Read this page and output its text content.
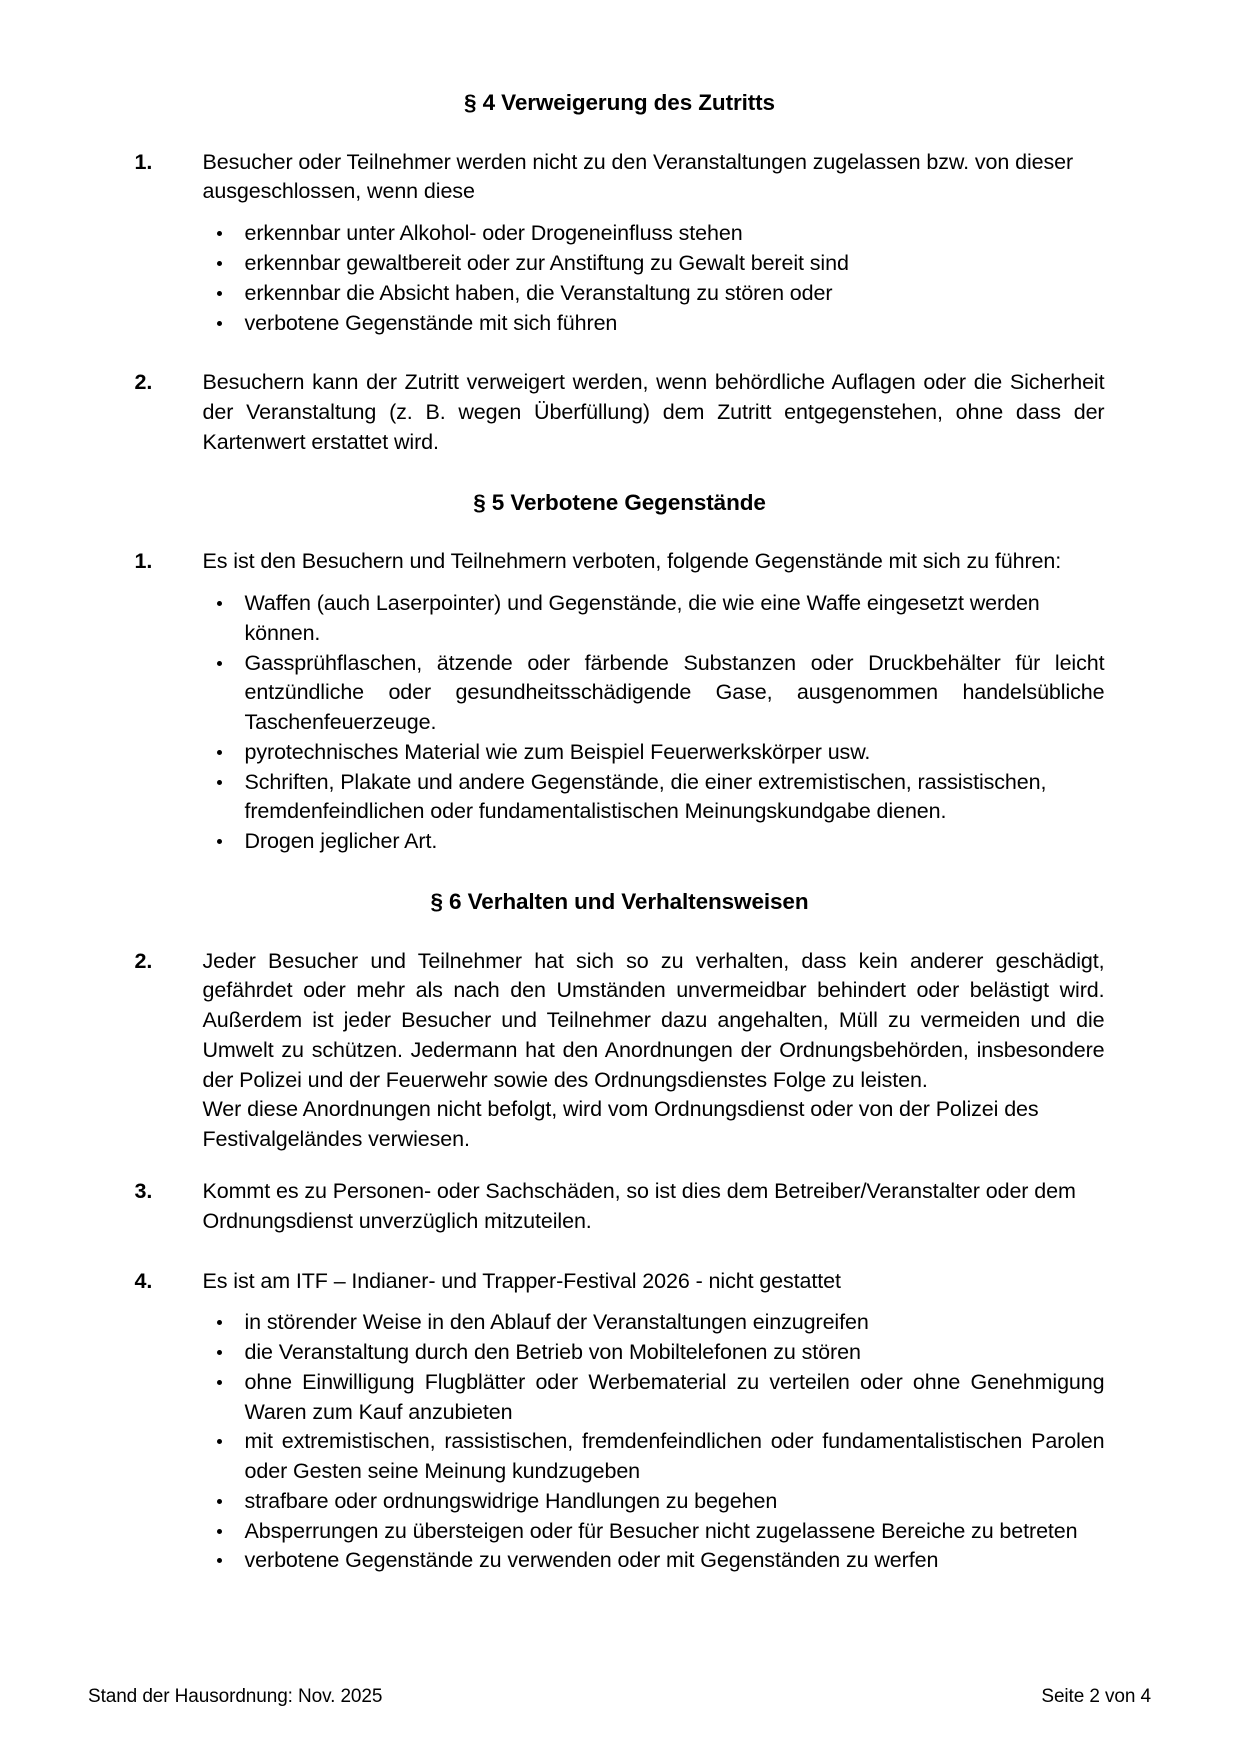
§ 4 Verweigerung des Zutritts
1.	Besucher oder Teilnehmer werden nicht zu den Veranstaltungen zugelassen bzw. von dieser ausgeschlossen, wenn diese
erkennbar unter Alkohol- oder Drogeneinfluss stehen
erkennbar gewaltbereit oder zur Anstiftung zu Gewalt bereit sind
erkennbar die Absicht haben, die Veranstaltung zu stören oder
verbotene Gegenstände mit sich führen
2.	Besuchern kann der Zutritt verweigert werden, wenn behördliche Auflagen oder die Sicherheit der Veranstaltung (z. B. wegen Überfüllung) dem Zutritt entgegenstehen, ohne dass der Kartenwert erstattet wird.
§ 5 Verbotene Gegenstände
1.	Es ist den Besuchern und Teilnehmern verboten, folgende Gegenstände mit sich zu führen:
Waffen (auch Laserpointer) und Gegenstände, die wie eine Waffe eingesetzt werden können.
Gassprühflaschen, ätzende oder färbende Substanzen oder Druckbehälter für leicht entzündliche oder gesundheitsschädigende Gase, ausgenommen handelsübliche Taschenfeuerzeuge.
pyrotechnisches Material wie zum Beispiel Feuerwerkskörper usw.
Schriften, Plakate und andere Gegenstände, die einer extremistischen, rassistischen, fremdenfeindlichen oder fundamentalistischen Meinungskundgabe dienen.
Drogen jeglicher Art.
§ 6 Verhalten und Verhaltensweisen
2.	Jeder Besucher und Teilnehmer hat sich so zu verhalten, dass kein anderer geschädigt, gefährdet oder mehr als nach den Umständen unvermeidbar behindert oder belästigt wird. Außerdem ist jeder Besucher und Teilnehmer dazu angehalten, Müll zu vermeiden und die Umwelt zu schützen. Jedermann hat den Anordnungen der Ordnungsbehörden, insbesondere der Polizei und der Feuerwehr sowie des Ordnungsdienstes Folge zu leisten.

Wer diese Anordnungen nicht befolgt, wird vom Ordnungsdienst oder von der Polizei des Festivalgeländes verwiesen.

3.	Kommt es zu Personen- oder Sachschäden, so ist dies dem Betreiber/Veranstalter oder dem Ordnungsdienst unverzüglich mitzuteilen.
4.	Es ist am ITF – Indianer- und Trapper-Festival 2026 - nicht gestattet
in störender Weise in den Ablauf der Veranstaltungen einzugreifen
die Veranstaltung durch den Betrieb von Mobiltelefonen zu stören
ohne Einwilligung Flugblätter oder Werbematerial zu verteilen oder ohne Genehmigung Waren zum Kauf anzubieten
mit extremistischen, rassistischen, fremdenfeindlichen oder fundamentalistischen Parolen oder Gesten seine Meinung kundzugeben
strafbare oder ordnungswidrige Handlungen zu begehen
Absperrungen zu übersteigen oder für Besucher nicht zugelassene Bereiche zu betreten
verbotene Gegenstände zu verwenden oder mit Gegenständen zu werfen
Stand der Hausordnung: Nov. 2025	Seite 2 von 4
